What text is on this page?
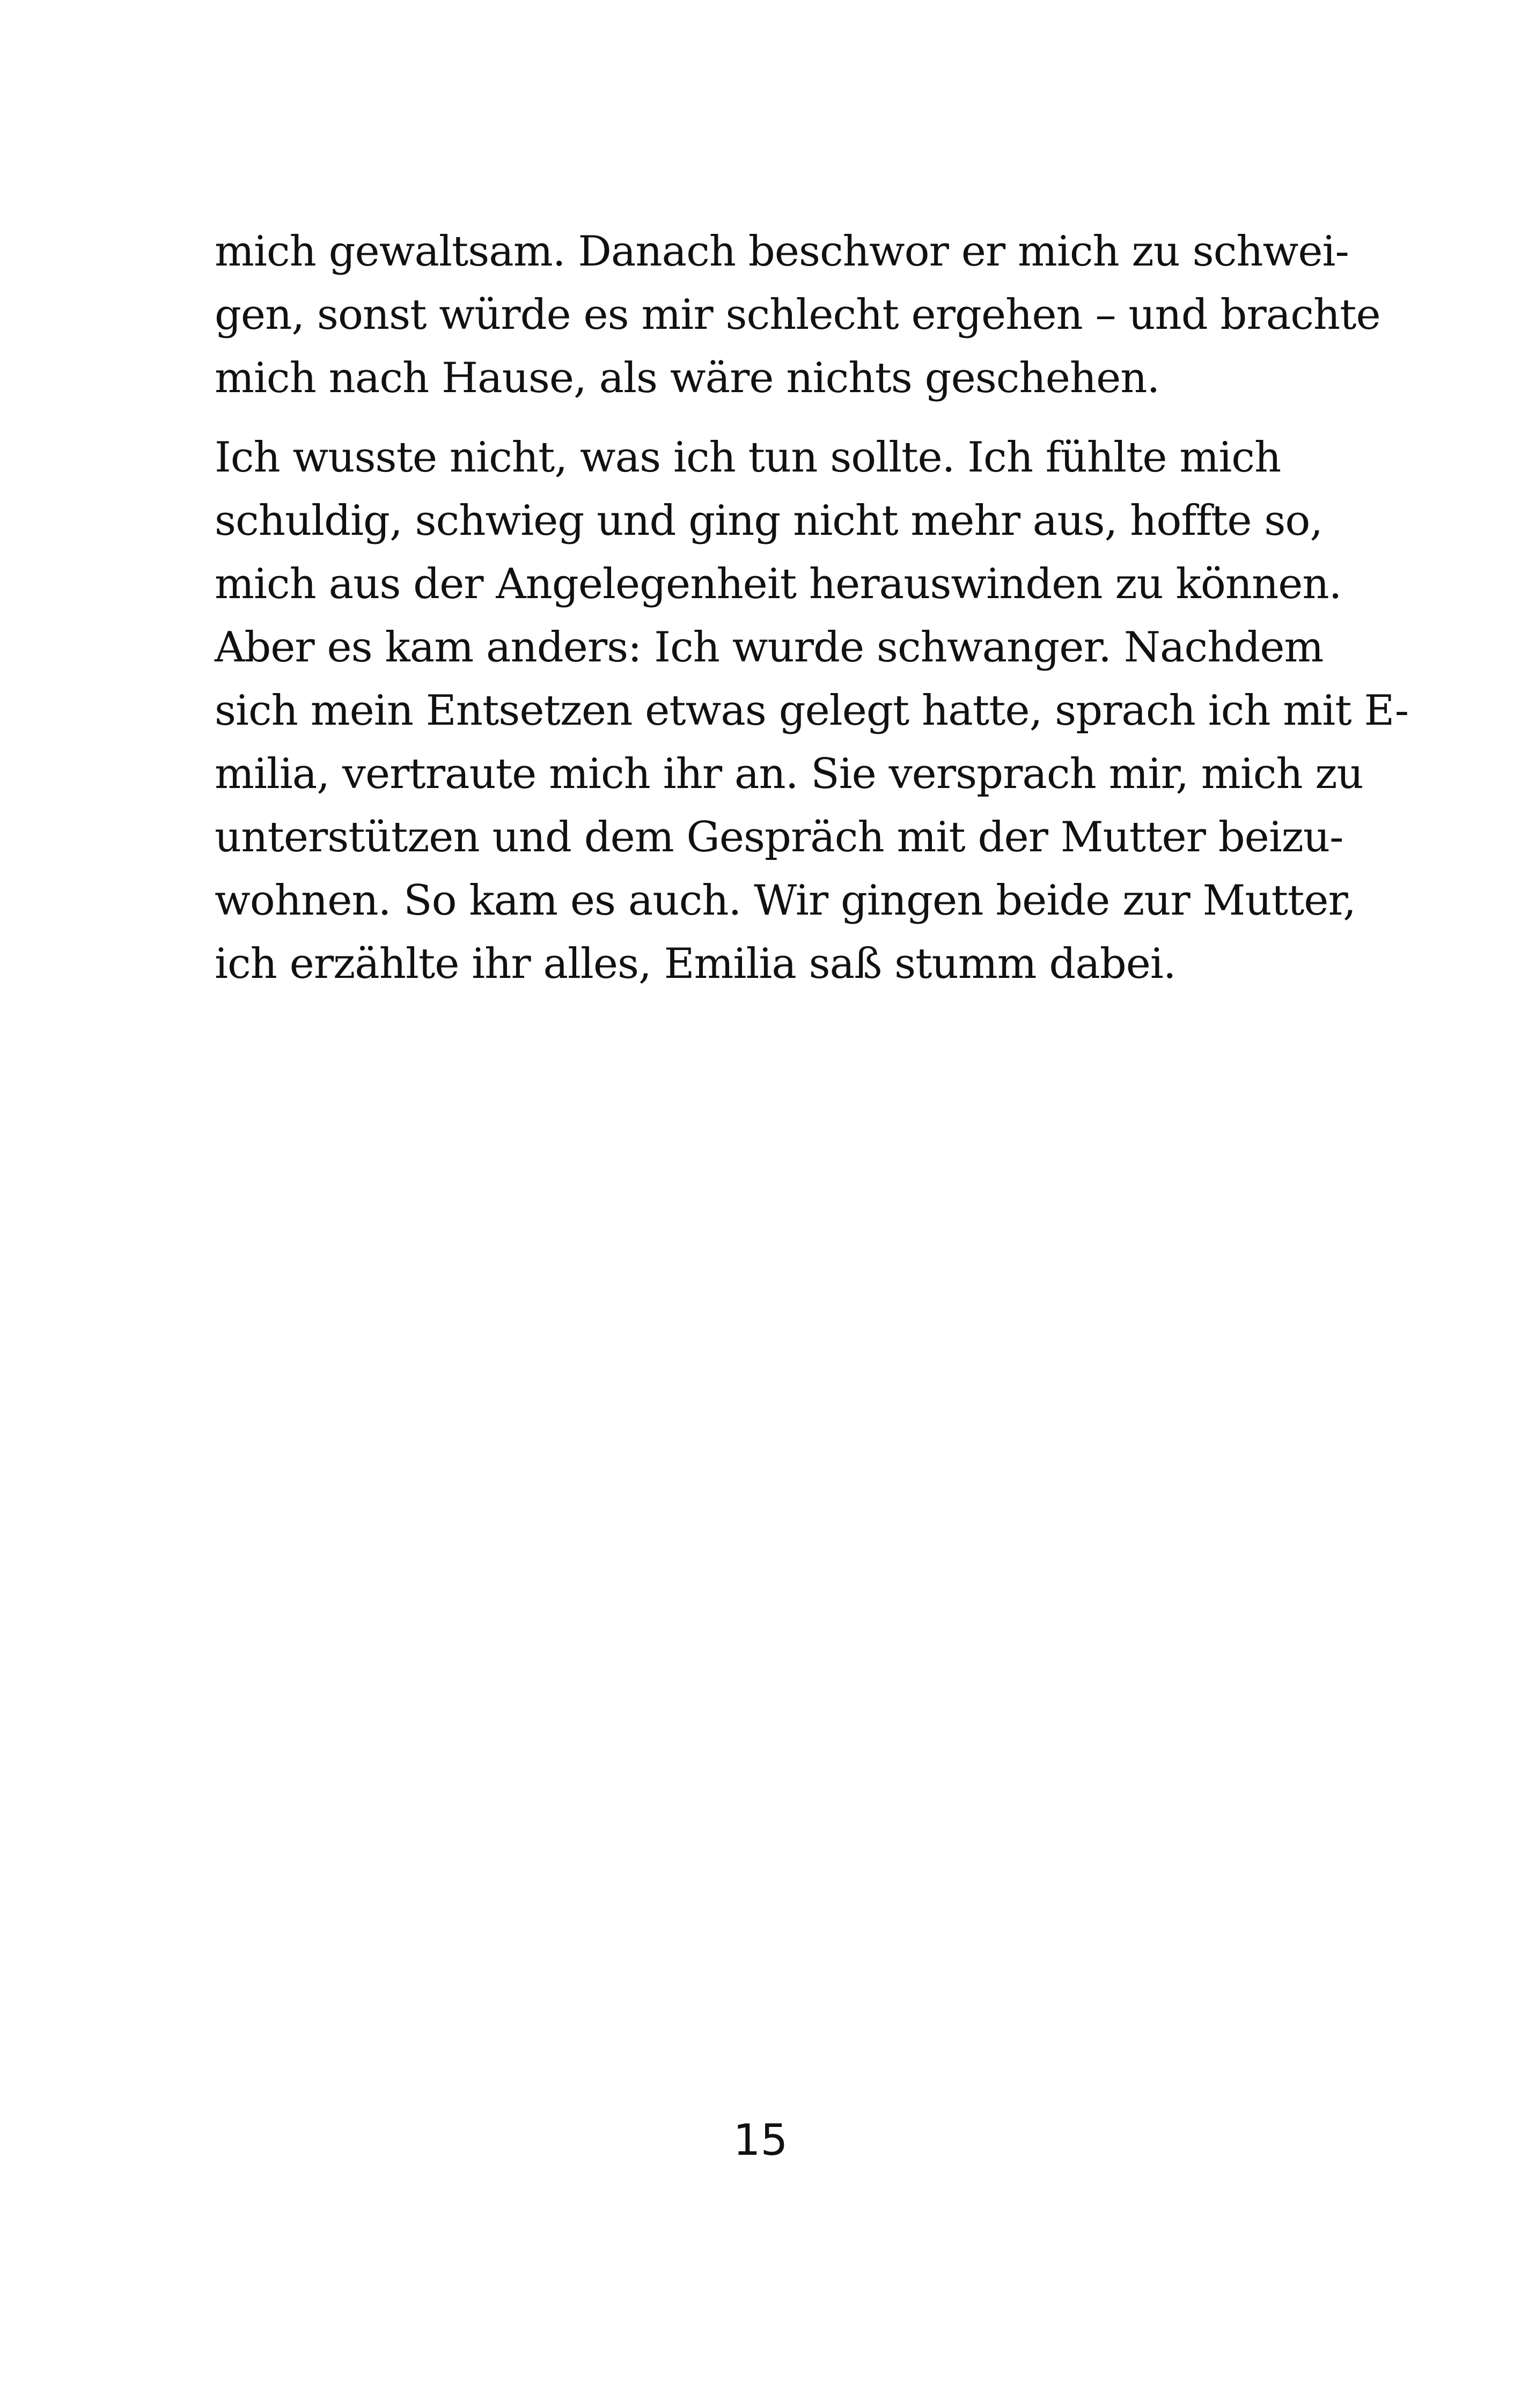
mich gewaltsam. Danach beschwor er mich zu schwei-
gen, sonst würde es mir schlecht ergehen – und brachte
mich nach Hause, als wäre nichts geschehen.

Ich wusste nicht, was ich tun sollte. Ich fühlte mich
schuldig, schwieg und ging nicht mehr aus, hoffte so,
mich aus der Angelegenheit herauswinden zu können.
Aber es kam anders: Ich wurde schwanger. Nachdem
sich mein Entsetzen etwas gelegt hatte, sprach ich mit E-
milia, vertraute mich ihr an. Sie versprach mir, mich zu
unterstützen und dem Gespräch mit der Mutter beizu-
wohnen. So kam es auch. Wir gingen beide zur Mutter,
ich erzählte ihr alles, Emilia saß stumm dabei.

15
